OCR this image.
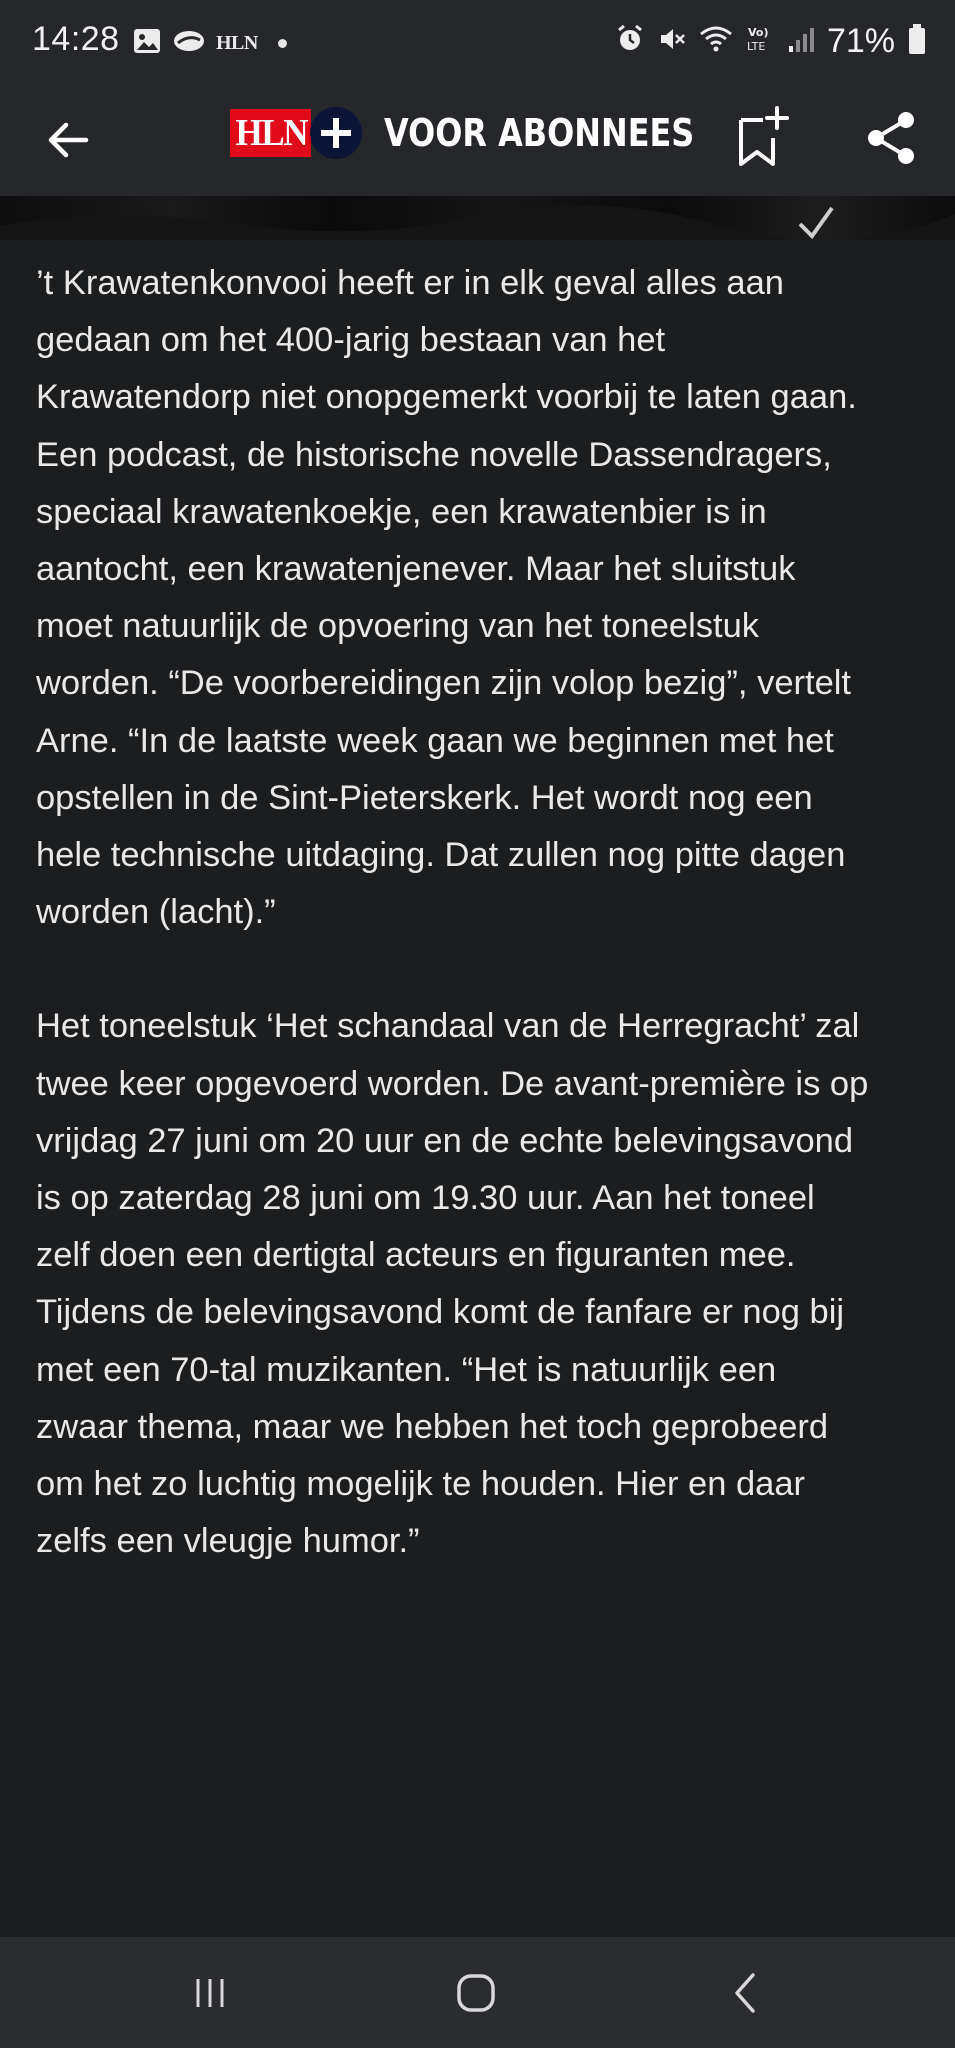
14:28	HLN	Vo)
LTE 71%
HLN VOOR ABONNEES

’t Krawatenkonvooi heeft er in elk geval alles aan
gedaan om het 400-jarig bestaan van het
Krawatendorp niet onopgemerkt voorbij te laten gaan.
Een podcast, de historische novelle Dassendragers,
speciaal krawatenkoekje, een krawatenbier is in
aantocht, een krawatenjenever. Maar het sluitstuk
moet natuurlijk de opvoering van het toneelstuk
worden. “De voorbereidingen zijn volop bezig”, vertelt
Arne. “In de laatste week gaan we beginnen met het
opstellen in de Sint-Pieterskerk. Het wordt nog een
hele technische uitdaging. Dat zullen nog pitte dagen
worden (lacht).”

Het toneelstuk ‘Het schandaal van de Herregracht’ zal
twee keer opgevoerd worden. De avant-première is op
vrijdag 27 juni om 20 uur en de echte belevingsavond
is op zaterdag 28 juni om 19.30 uur. Aan het toneel
zelf doen een dertigtal acteurs en figuranten mee.
Tijdens de belevingsavond komt de fanfare er nog bij
met een 70-tal muzikanten. “Het is natuurlijk een
zwaar thema, maar we hebben het toch geprobeerd
om het zo luchtig mogelijk te houden. Hier en daar
zelfs een vleugje humor.”
